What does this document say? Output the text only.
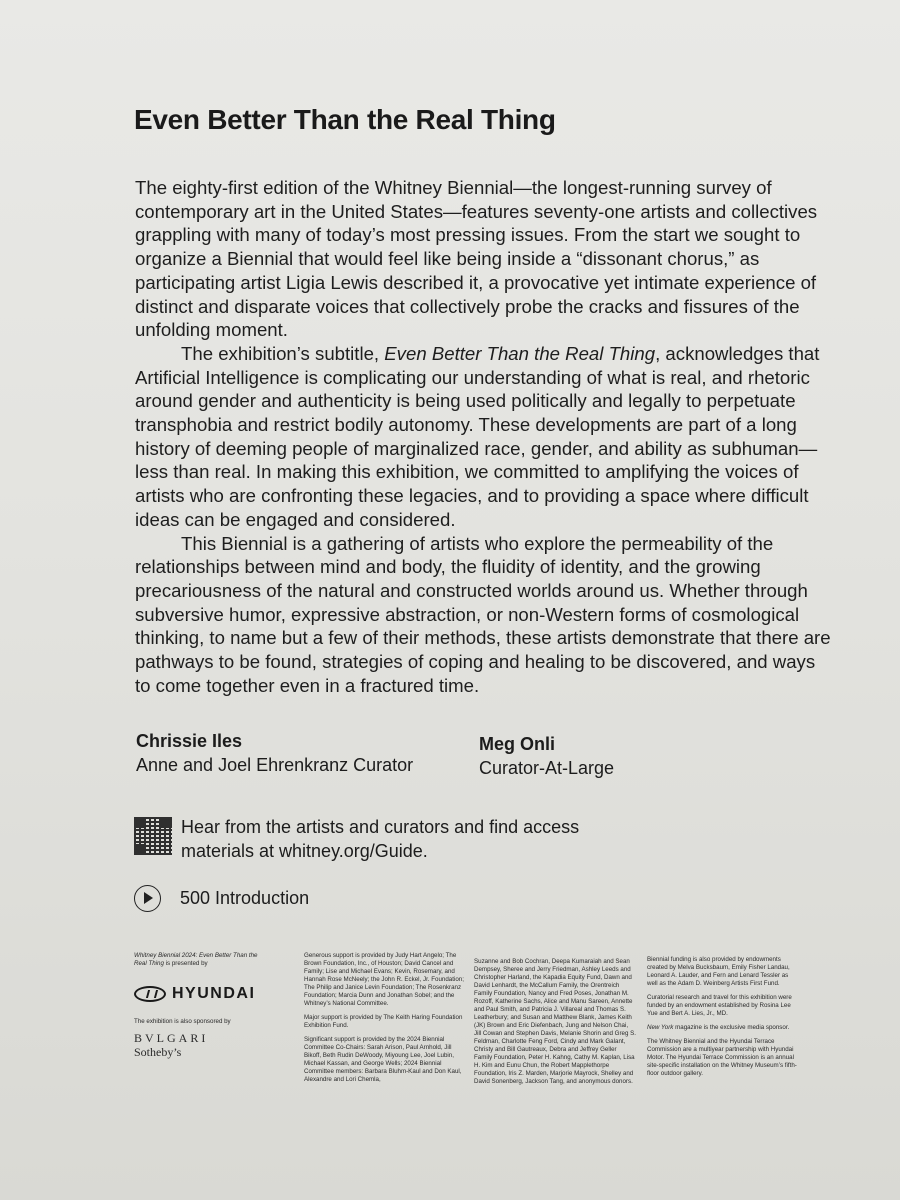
Even Better Than the Real Thing

The eighty-first edition of the Whitney Biennial—the longest-running survey of contemporary art in the United States—features seventy-one artists and collectives grappling with many of today’s most pressing issues. From the start we sought to organize a Biennial that would feel like being inside a “dissonant chorus,” as participating artist Ligia Lewis described it, a provocative yet intimate experience of distinct and disparate voices that collectively probe the cracks and fissures of the unfolding moment.

The exhibition’s subtitle, Even Better Than the Real Thing, acknowledges that Artificial Intelligence is complicating our understanding of what is real, and rhetoric around gender and authenticity is being used politically and legally to perpetuate transphobia and restrict bodily autonomy. These developments are part of a long history of deeming people of marginalized race, gender, and ability as subhuman—less than real. In making this exhibition, we committed to amplifying the voices of artists who are confronting these legacies, and to providing a space where difficult ideas can be engaged and considered.

This Biennial is a gathering of artists who explore the permeability of the relationships between mind and body, the fluidity of identity, and the growing precariousness of the natural and constructed worlds around us. Whether through subversive humor, expressive abstraction, or non-Western forms of cosmological thinking, to name but a few of their methods, these artists demonstrate that there are pathways to be found, strategies of coping and healing to be discovered, and ways to come together even in a fractured time.

Chrissie Iles
Anne and Joel Ehrenkranz Curator
Meg Onli
Curator-At-Large
Hear from the artists and curators and find access materials at whitney.org/Guide.
500 Introduction
Whitney Biennial 2024: Even Better Than the Real Thing is presented by
HYUNDAI
The exhibition is also sponsored by
BVLGARI
Sotheby’s

Generous support is provided by Judy Hart Angelo; The Brown Foundation, Inc., of Houston; David Cancel and Family; Lise and Michael Evans; Kevin, Rosemary, and Hannah Rose McNeely; the John R. Eckel, Jr. Foundation; The Philip and Janice Levin Foundation; The Rosenkranz Foundation; Marcia Dunn and Jonathan Sobel; and the Whitney’s National Committee.

Major support is provided by The Keith Haring Foundation Exhibition Fund.

Significant support is provided by the 2024 Biennial Committee Co-Chairs: Sarah Arison, Paul Arnhold, Jill Bikoff, Beth Rudin DeWoody, Miyoung Lee, Joel Lubin, Michael Kassan, and George Wells; 2024 Biennial Committee members: Barbara Bluhm-Kaul and Don Kaul, Alexandre and Lori Chemla,

Suzanne and Bob Cochran, Deepa Kumaraiah and Sean Dempsey, Sheree and Jerry Friedman, Ashley Leeds and Christopher Harland, the Kapadia Equity Fund, Dawn and David Lenhardt, the McCallum Family, the Orentreich Family Foundation, Nancy and Fred Poses, Jonathan M. Rozoff, Katherine Sachs, Alice and Manu Sareen, Annette and Paul Smith, and Patricia J. Villareal and Thomas S. Leatherbury; and Susan and Matthew Blank, James Keith (JK) Brown and Eric Diefenbach, Jung and Nelson Chai, Jill Cowan and Stephen Davis, Melanie Shorin and Greg S. Feldman, Charlotte Feng Ford, Cindy and Mark Galant, Christy and Bill Gautreaux, Debra and Jeffrey Geller Family Foundation, Peter H. Kahng, Cathy M. Kaplan, Lisa H. Kim and Eunu Chun, the Robert Mapplethorpe Foundation, Iris Z. Marden, Marjorie Mayrock, Shelley and David Sonenberg, Jackson Tang, and anonymous donors.

Biennial funding is also provided by endowments created by Melva Bucksbaum, Emily Fisher Landau, Leonard A. Lauder, and Fern and Lenard Tessler as well as the Adam D. Weinberg Artists First Fund.

Curatorial research and travel for this exhibition were funded by an endowment established by Rosina Lee Yue and Bert A. Lies, Jr., MD.

New York magazine is the exclusive media sponsor.

The Whitney Biennial and the Hyundai Terrace Commission are a multiyear partnership with Hyundai Motor. The Hyundai Terrace Commission is an annual site-specific installation on the Whitney Museum’s fifth-floor outdoor gallery.
